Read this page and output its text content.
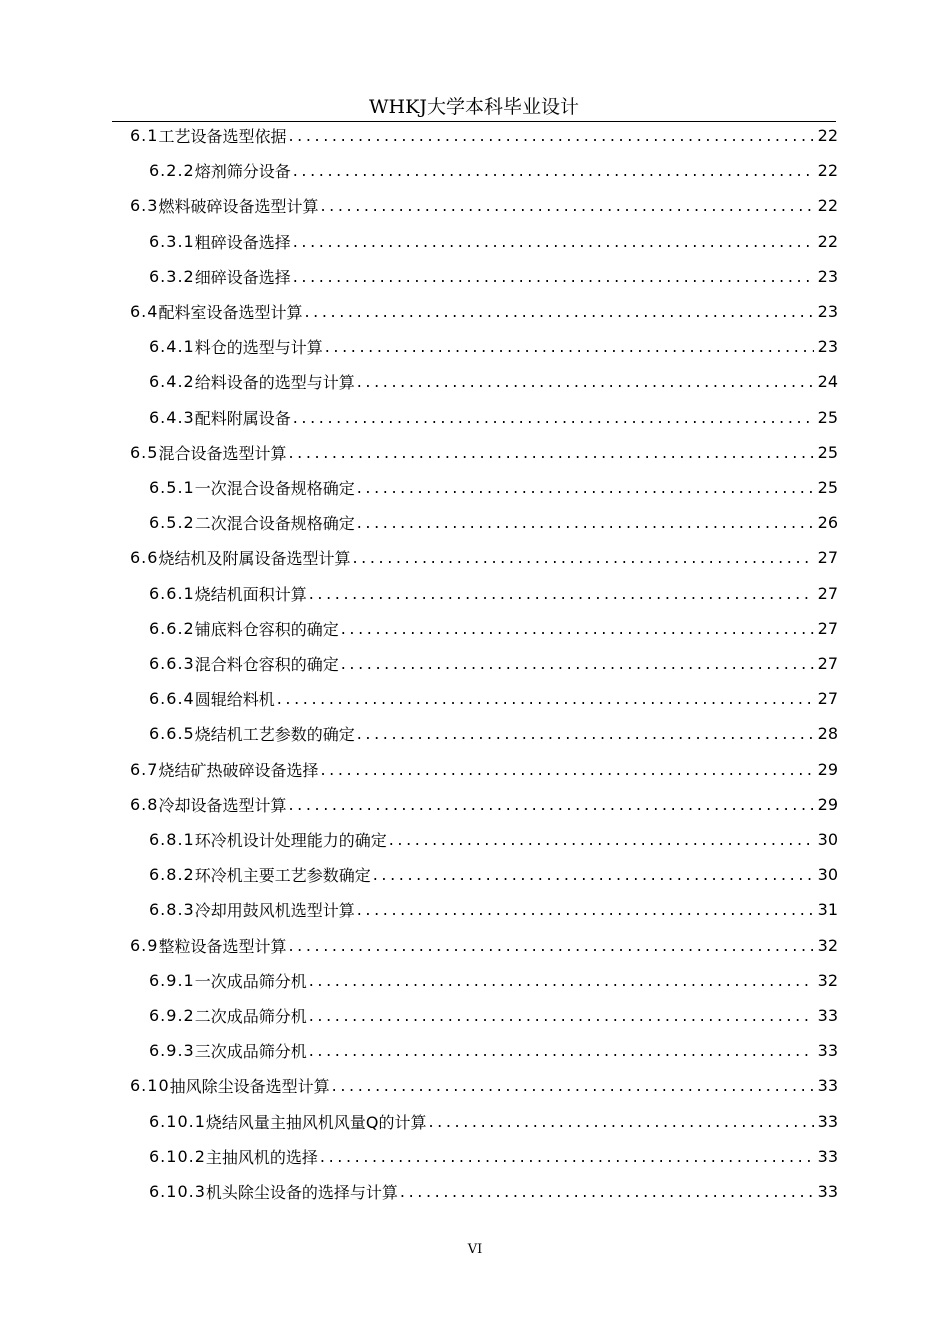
WHKJ大学本科毕业设计
6.1 工艺设备选型依据 .....	22
6.2.2 熔剂筛分设备 .....	22
6.3 燃料破碎设备选型计算 .....	22
6.3.1 粗碎设备选择 .....	22
6.3.2 细碎设备选择 .....	23
6.4 配料室设备选型计算 .....	23
6.4.1 料仓的选型与计算 .....	23
6.4.2 给料设备的选型与计算 .....	24
6.4.3 配料附属设备 .....	25
6.5 混合设备选型计算 .....	25
6.5.1 一次混合设备规格确定 .....	25
6.5.2 二次混合设备规格确定 .....	26
6.6 烧结机及附属设备选型计算 .....	27
6.6.1 烧结机面积计算 .....	27
6.6.2 铺底料仓容积的确定 .....	27
6.6.3 混合料仓容积的确定 .....	27
6.6.4 圆辊给料机 .....	27
6.6.5 烧结机工艺参数的确定 .....	28
6.7 烧结矿热破碎设备选择 .....	29
6.8 冷却设备选型计算 .....	29
6.8.1 环冷机设计处理能力的确定 .....	30
6.8.2 环冷机主要工艺参数确定 .....	30
6.8.3 冷却用鼓风机选型计算 .....	31
6.9 整粒设备选型计算 .....	32
6.9.1 一次成品筛分机 .....	32
6.9.2 二次成品筛分机 .....	33
6.9.3 三次成品筛分机 .....	33
6.10 抽风除尘设备选型计算 .....	33
6.10.1 烧结风量主抽风机风量Q的计算 .....	33
6.10.2 主抽风机的选择 .....	33
6.10.3 机头除尘设备的选择与计算 .....	33
VI
